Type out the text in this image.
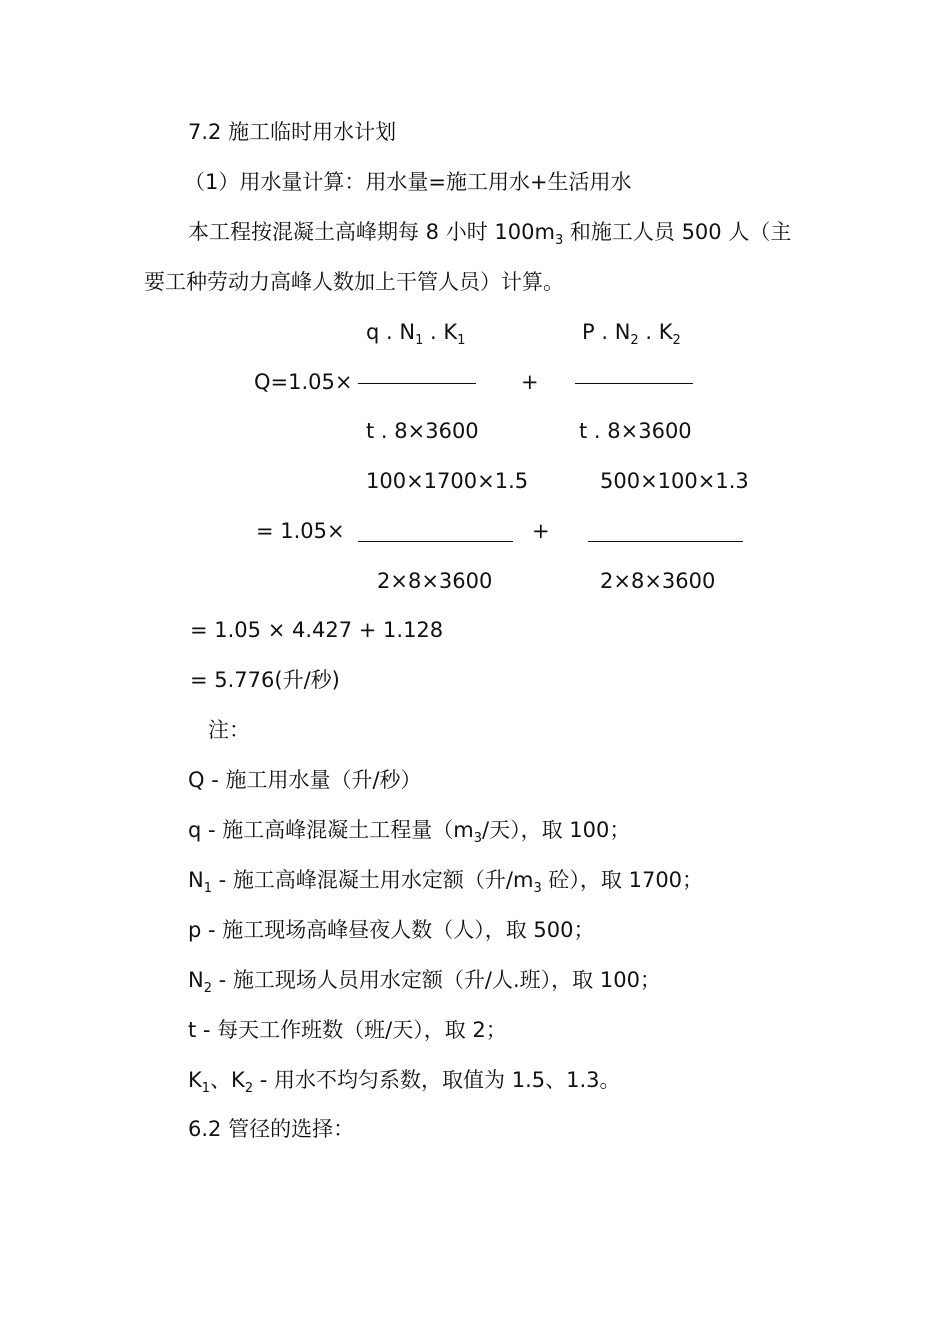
7.2 施工临时用水计划
（1）用水量计算：用水量=施工用水+生活用水
本工程按混凝土高峰期每 8 小时 $100m_3$ 和施工人员 500 人（主
要工种劳动力高峰人数加上干管人员）计算。
q . $N_1$ . $K_1$	P . $N_2$ . $K_2$
Q=1.05×	+
t . 8×3600	t . 8×3600
100×1700×1.5	500×100×1.3
= 1.05×	+
2×8×3600	2×8×3600
= 1.05 × 4.427 + 1.128
= 5.776(升/秒)
注：
Q - 施工用水量（升/秒）
q - 施工高峰混凝土工程量（$m_3/$天），取 100；
$N_1$ - 施工高峰混凝土用水定额（升$/m_3$ 砼），取 1700；
p - 施工现场高峰昼夜人数（人），取 500；
$N_2$ - 施工现场人员用水定额（升/人.班），取 100；
t - 每天工作班数（班/天），取 2；
$K_1$、$K_2$ - 用水不均匀系数，取值为 1.5、1.3。
6.2 管径的选择：
